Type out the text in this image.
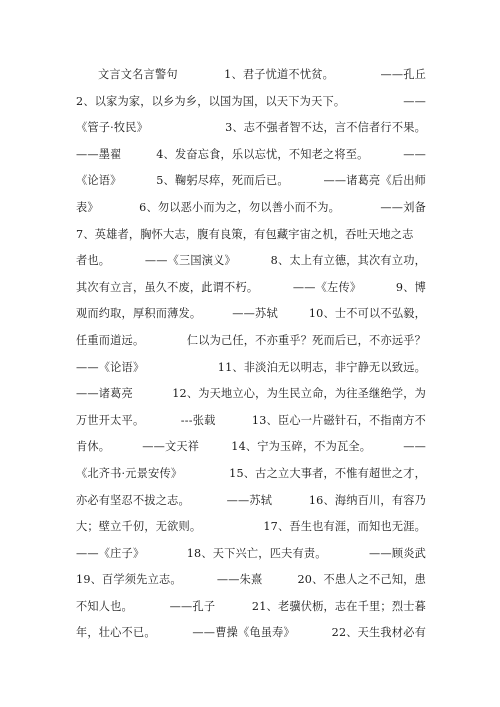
文言文名言警句	1、君子忧道不忧贫。	——孔丘
2、以家为家，以乡为乡，以国为国，以天下为天下。	——
《管子·牧民》	3、志不强者智不达，言不信者行不果。
——墨翟	4、发奋忘食，乐以忘忧，不知老之将至。	——
《论语》	5、鞠躬尽瘁，死而后已。	——诸葛亮《后出师
表》	6、勿以恶小而为之，勿以善小而不为。	——刘备
7、英雄者，胸怀大志，腹有良策，有包藏宇宙之机，吞吐天地之志
者也。	——《三国演义》	8、太上有立德，其次有立功，
其次有立言，虽久不废，此谓不朽。	——《左传》	9、博
观而约取，厚积而薄发。	——苏轼	10、士不可以不弘毅，
任重而道远。	仁以为己任，不亦重乎？死而后已，不亦远乎？
——《论语》	11、非淡泊无以明志，非宁静无以致远。
——诸葛亮	12、为天地立心，为生民立命，为往圣继绝学，为
万世开太平。	---张载	13、臣心一片磁针石，不指南方不
肯休。	——文天祥	14、宁为玉碎，不为瓦全。	——
《北齐书·元景安传》	15、古之立大事者，不惟有超世之才，
亦必有坚忍不拔之志。	——苏轼	16、海纳百川，有容乃
大；壁立千仞，无欲则。	17、吾生也有涯，而知也无涯。
——《庄子》	18、天下兴亡，匹夫有责。	——顾炎武
19、百学须先立志。	——朱熹	20、不患人之不己知，患
不知人也。	——孔子	21、老骥伏枥，志在千里；烈士暮
年，壮心不已。	——曹操《龟虽寿》	22、天生我材必有
